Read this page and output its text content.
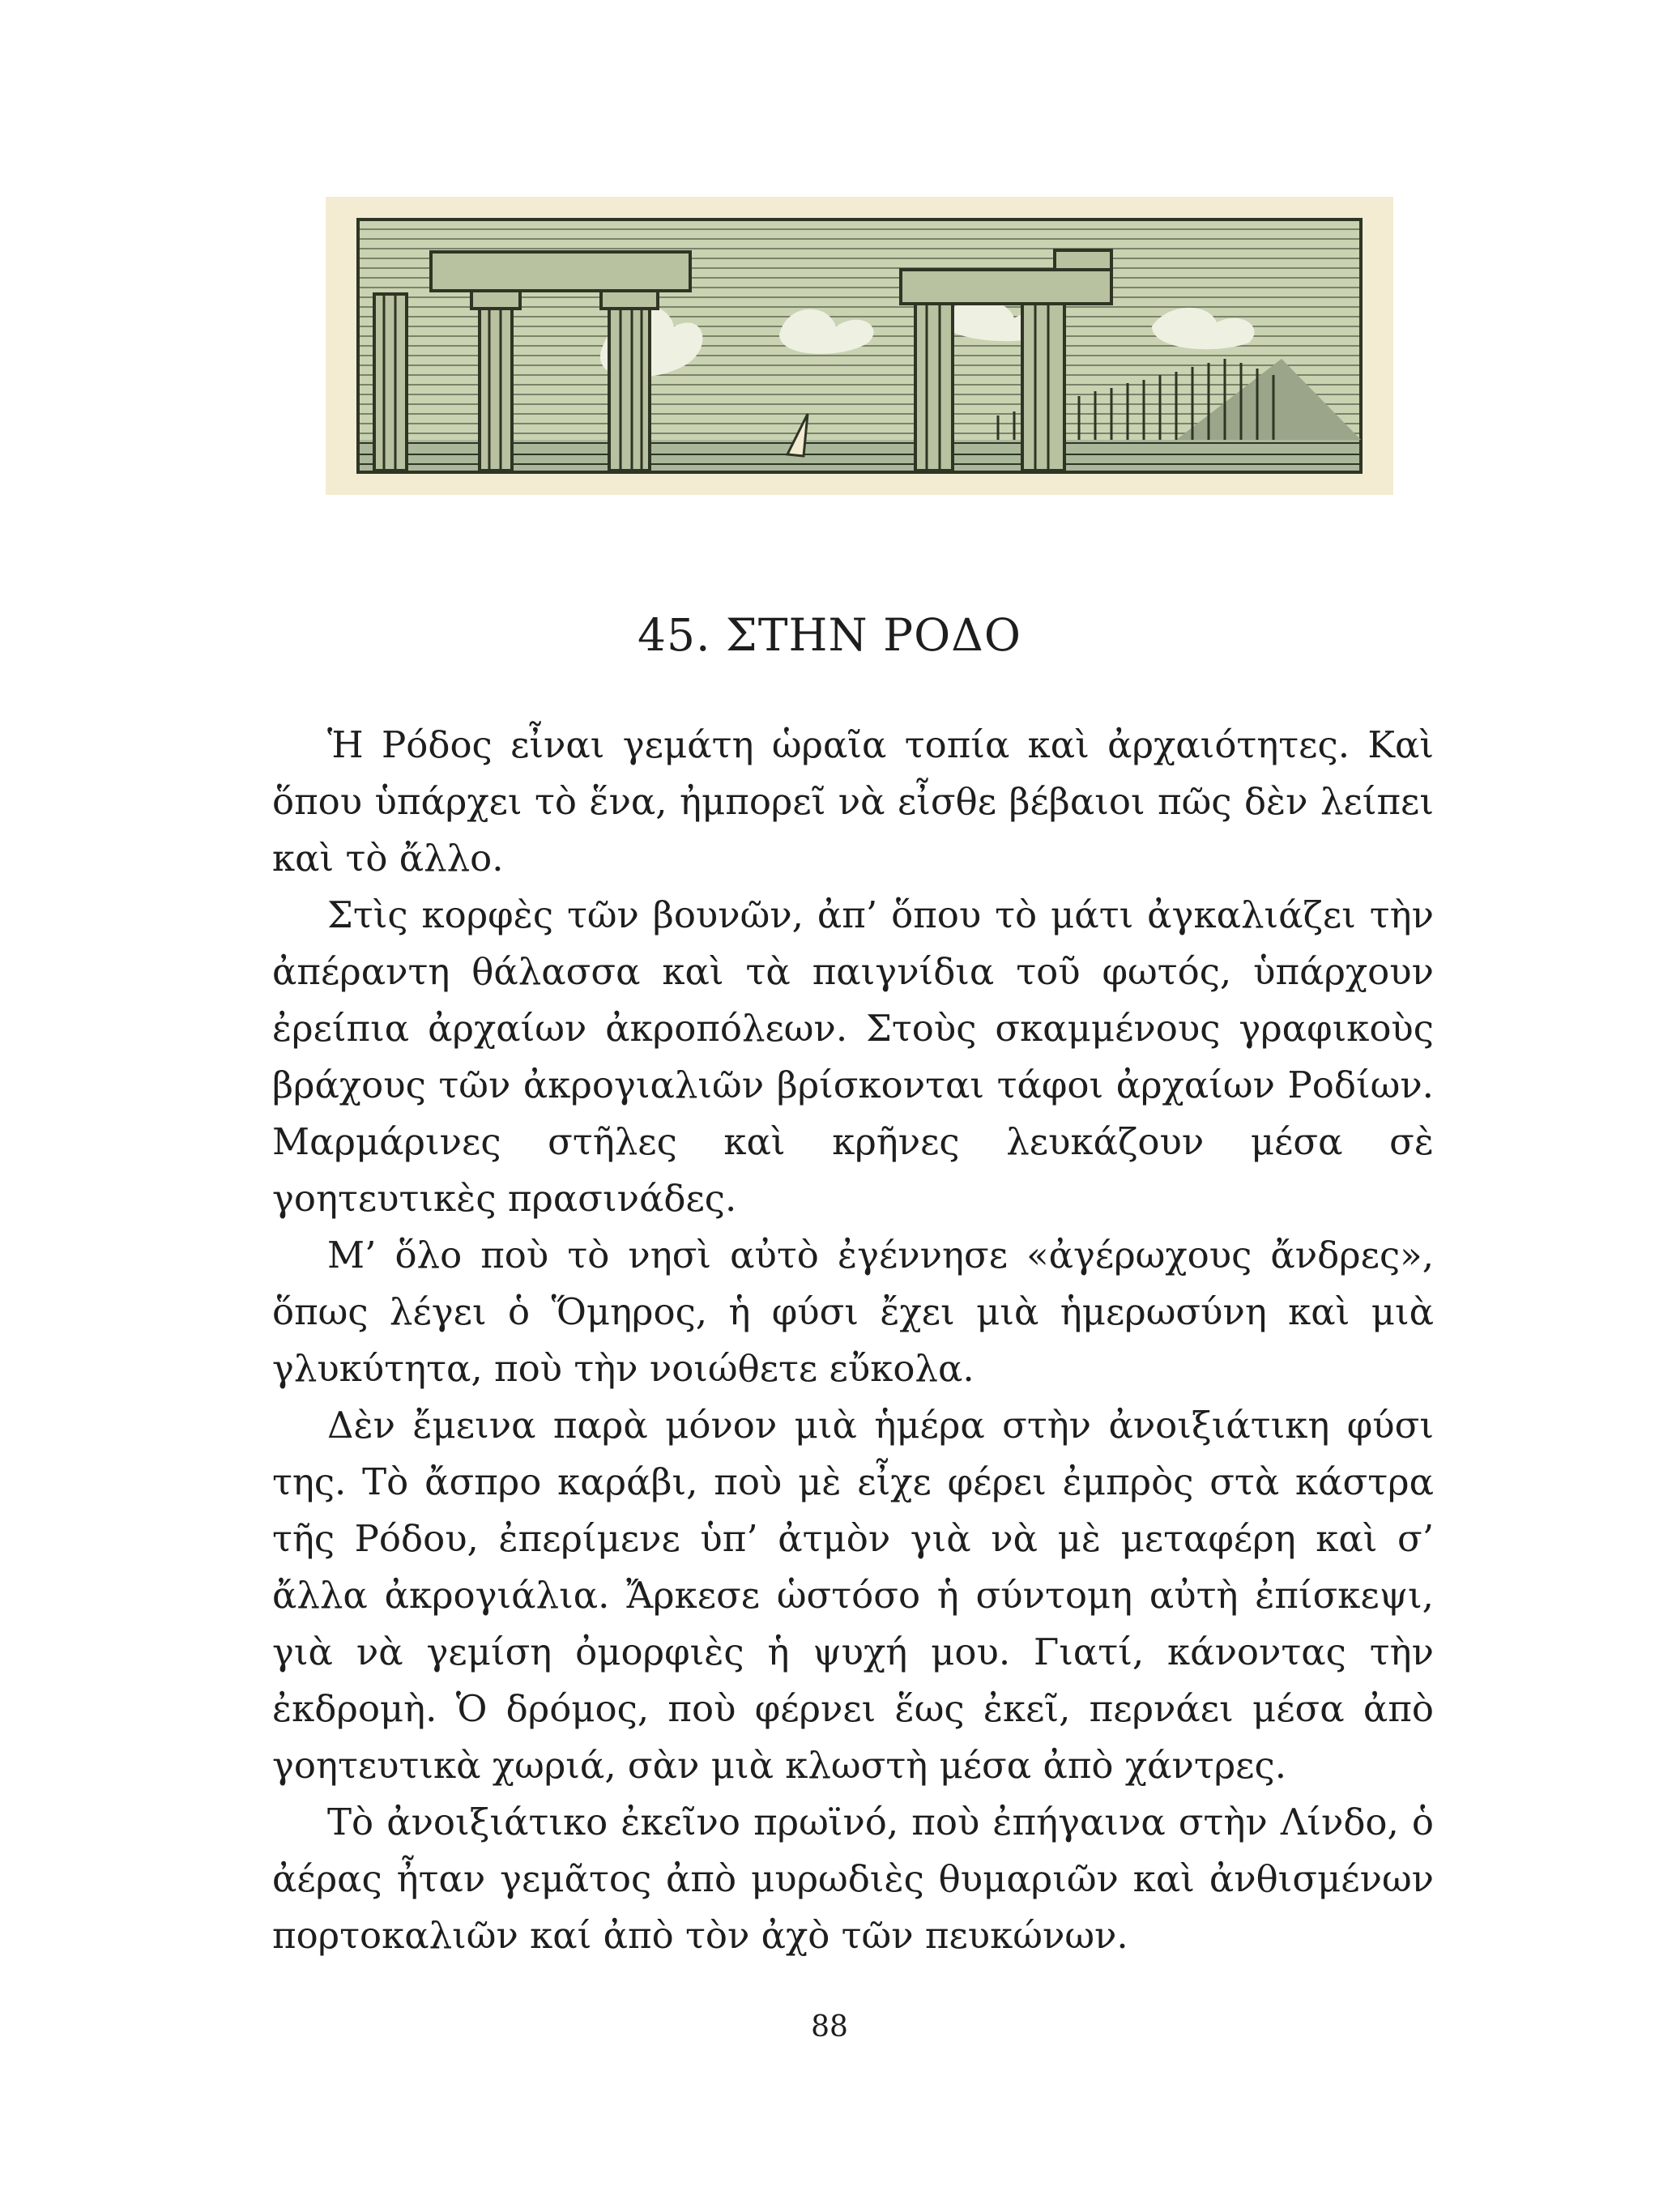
45. ΣΤΗΝ ΡΟΔΟ

Ἡ Ρόδος εἶναι γεμάτη ὡραῖα τοπία καὶ ἀρχαιότητες. Καὶ ὅπου ὑπάρχει τὸ ἕνα, ἠμπορεῖ νὰ εἶσθε βέβαιοι πῶς δὲν λείπει καὶ τὸ ἄλλο.

Στὶς κορφὲς τῶν βουνῶν, ἀπ’ ὅπου τὸ μάτι ἀγκαλιάζει τὴν ἀπέραντη θάλασσα καὶ τὰ παιγνίδια τοῦ φωτός, ὑπάρχουν ἐρείπια ἀρχαίων ἀκροπόλεων. Στοὺς σκαμμένους γραφικοὺς βράχους τῶν ἀκρογιαλιῶν βρίσκονται τάφοι ἀρχαίων Ροδίων. Μαρμάρινες στῆλες καὶ κρῆνες λευκάζουν μέσα σὲ γοητευτικὲς πρασινάδες.

Μ’ ὅλο ποὺ τὸ νησὶ αὐτὸ ἐγέννησε «ἀγέρωχους ἄνδρες», ὅπως λέγει ὁ Ὅμηρος, ἡ φύσι ἔχει μιὰ ἡμερωσύνη καὶ μιὰ γλυκύτητα, ποὺ τὴν νοιώθετε εὔκολα.

Δὲν ἔμεινα παρὰ μόνον μιὰ ἡμέρα στὴν ἀνοιξιάτικη φύσι της. Τὸ ἄσπρο καράβι, ποὺ μὲ εἶχε φέρει ἐμπρὸς στὰ κάστρα τῆς Ρόδου, ἐπερίμενε ὑπ’ ἀτμὸν γιὰ νὰ μὲ μεταφέρη καὶ σ’ ἄλλα ἀκρογιάλια. Ἄρκεσε ὡστόσο ἡ σύντομη αὐτὴ ἐπίσκεψι, γιὰ νὰ γεμίση ὀμορφιὲς ἡ ψυχή μου. Γιατί, κάνοντας τὴν ἐκδρομὴ. Ὁ δρόμος, ποὺ φέρνει ἕως ἐκεῖ, περνάει μέσα ἀπὸ γοητευτικὰ χωριά, σὰν μιὰ κλωστὴ μέσα ἀπὸ χάντρες.

Τὸ ἀνοιξιάτικο ἐκεῖνο πρωϊνό, ποὺ ἐπήγαινα στὴν Λίνδο, ὁ ἀέρας ἦταν γεμᾶτος ἀπὸ μυρωδιὲς θυμαριῶν καὶ ἀνθισμένων πορτοκαλιῶν καί ἀπὸ τὸν ἀχὸ τῶν πευκώνων.

88
